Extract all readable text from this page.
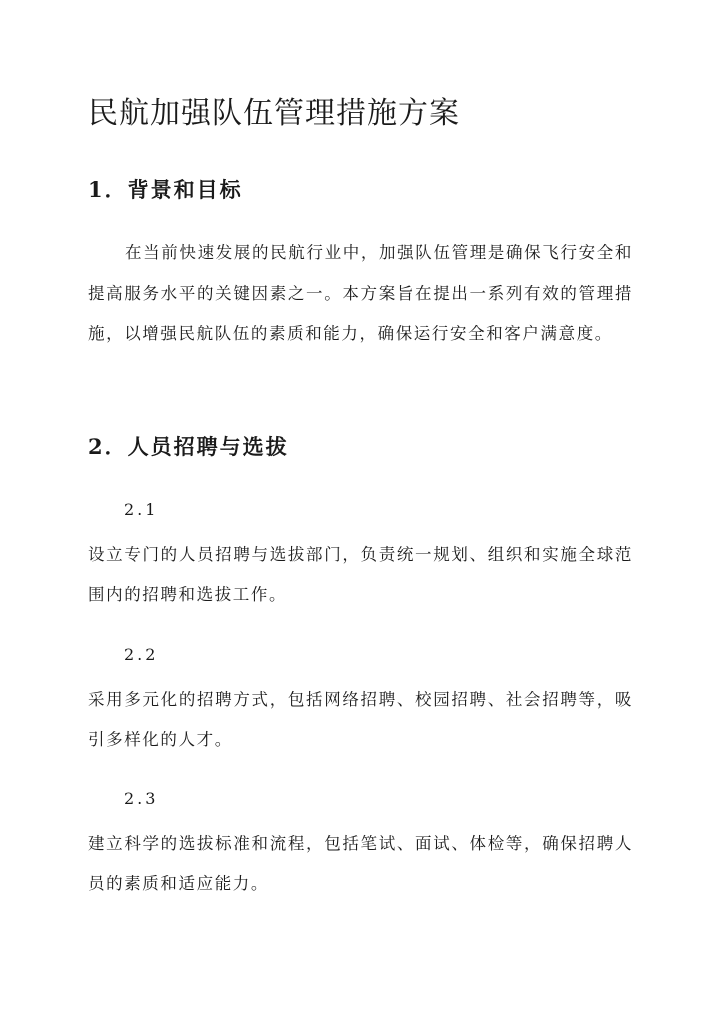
民航加强队伍管理措施方案
1．背景和目标

在当前快速发展的民航行业中，加强队伍管理是确保飞行安全和提高服务水平的关键因素之一。本方案旨在提出一系列有效的管理措施，以增强民航队伍的素质和能力，确保运行安全和客户满意度。

2．人员招聘与选拔
2.1

设立专门的人员招聘与选拔部门，负责统一规划、组织和实施全球范围内的招聘和选拔工作。

2.2

采用多元化的招聘方式，包括网络招聘、校园招聘、社会招聘等，吸引多样化的人才。

2.3

建立科学的选拔标准和流程，包括笔试、面试、体检等，确保招聘人员的素质和适应能力。
